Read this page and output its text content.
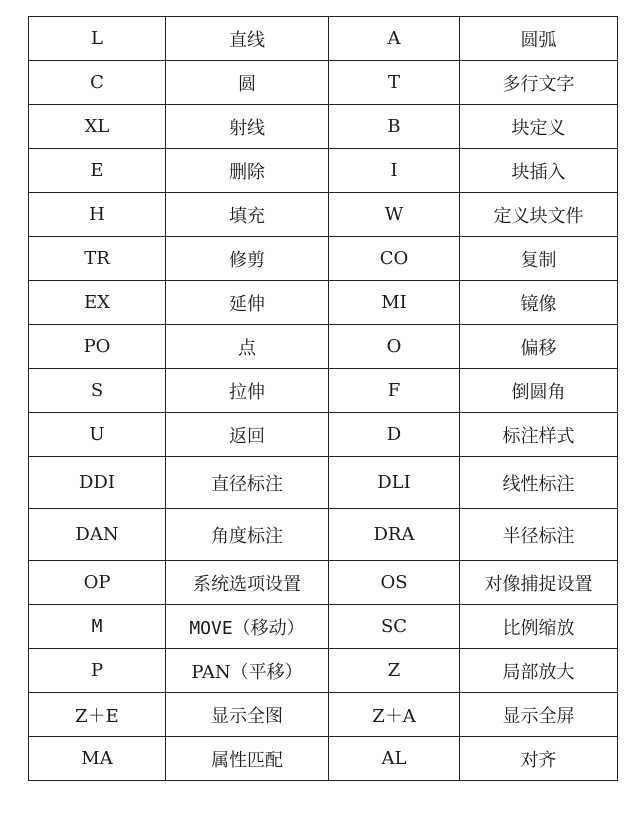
L	直线	A	圆弧
C	圆	T	多行文字
XL	射线	B	块定义
E	删除	I	块插入
H	填充	W	定义块文件
TR	修剪	CO	复制
EX	延伸	MI	镜像
PO	点	O	偏移
S	拉伸	F	倒圆角
U	返回	D	标注样式
DDI	直径标注	DLI	线性标注
DAN	角度标注	DRA	半径标注
OP	系统选项设置	OS	对像捕捉设置
M	MOVE（移动）	SC	比例缩放
P	PAN（平移）	Z	局部放大
Z＋E	显示全图	Z＋A	显示全屏
MA	属性匹配	AL	对齐
